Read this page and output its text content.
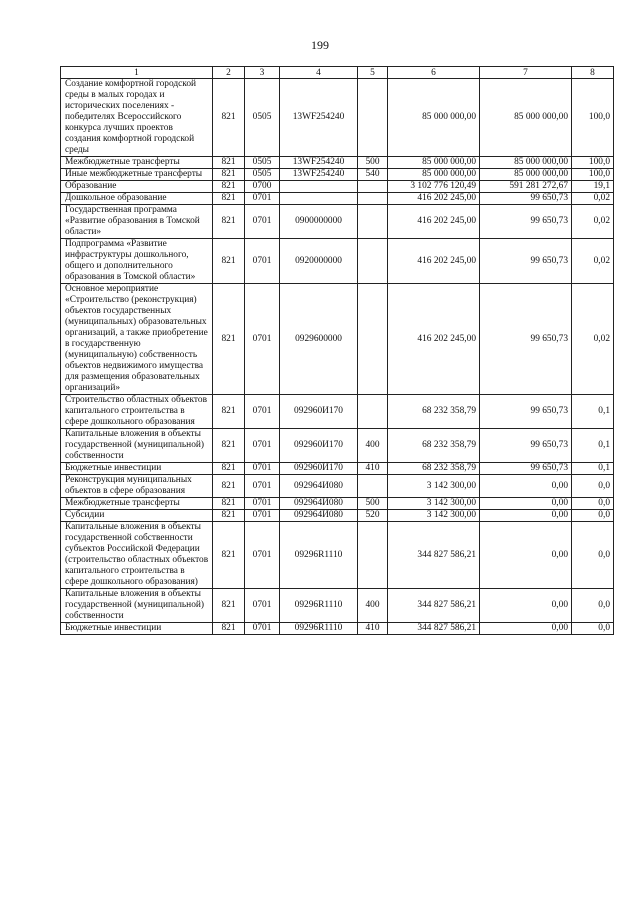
199
1	2	3	4	5	6	7	8
Создание комфортной городской среды в малых городах и исторических поселениях - победителях Всероссийского конкурса лучших проектов создания комфортной городской среды	821	0505	13WF254240		85 000 000,00	85 000 000,00	100,0
Межбюджетные трансферты	821	0505	13WF254240	500	85 000 000,00	85 000 000,00	100,0
Иные межбюджетные трансферты	821	0505	13WF254240	540	85 000 000,00	85 000 000,00	100,0
Образование	821	0700			3 102 776 120,49	591 281 272,67	19,1
Дошкольное образование	821	0701			416 202 245,00	99 650,73	0,02
Государственная программа «Развитие образования в Томской области»	821	0701	0900000000		416 202 245,00	99 650,73	0,02
Подпрограмма «Развитие инфраструктуры дошкольного, общего и дополнительного образования в Томской области»	821	0701	0920000000		416 202 245,00	99 650,73	0,02
Основное мероприятие «Строительство (реконструкция) объектов государственных (муниципальных) образовательных организаций, а также приобретение в государственную (муниципальную) собственность объектов недвижимого имущества для размещения образовательных организаций»	821	0701	0929600000		416 202 245,00	99 650,73	0,02
Строительство областных объектов капитального строительства в сфере дошкольного образования	821	0701	092960И170		68 232 358,79	99 650,73	0,1
Капитальные вложения в объекты государственной (муниципальной) собственности	821	0701	092960И170	400	68 232 358,79	99 650,73	0,1
Бюджетные инвестиции	821	0701	092960И170	410	68 232 358,79	99 650,73	0,1
Реконструкция муниципальных объектов в сфере образования	821	0701	092964И080		3 142 300,00	0,00	0,0
Межбюджетные трансферты	821	0701	092964И080	500	3 142 300,00	0,00	0,0
Субсидии	821	0701	092964И080	520	3 142 300,00	0,00	0,0
Капитальные вложения в объекты государственной собственности субъектов Российской Федерации (строительство областных объектов капитального строительства в сфере дошкольного образования)	821	0701	09296R1110		344 827 586,21	0,00	0,0
Капитальные вложения в объекты государственной (муниципальной) собственности	821	0701	09296R1110	400	344 827 586,21	0,00	0,0
Бюджетные инвестиции	821	0701	09296R1110	410	344 827 586,21	0,00	0,0
